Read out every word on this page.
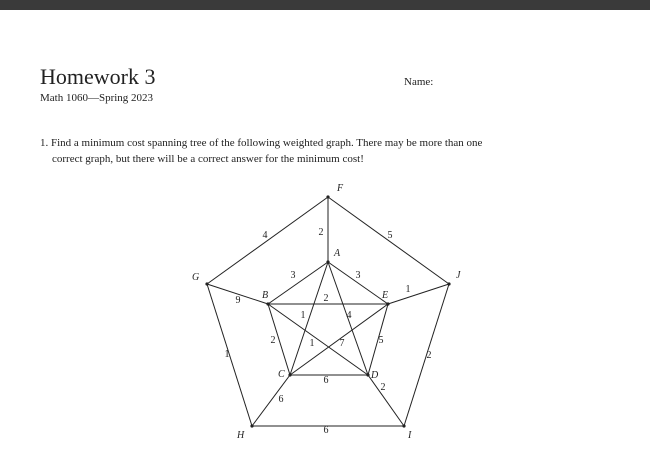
Homework 3
Math 1060—Spring 2023
Name:
1. Find a minimum cost spanning tree of the following weighted graph. There may be more than one
correct graph, but there will be a correct answer for the minimum cost!
4	5
2
9
1
1
2
6
6
2
3	3
2
2	5
6
1	4
1	7
F
A
G
B	E
J
C	D
H	I
